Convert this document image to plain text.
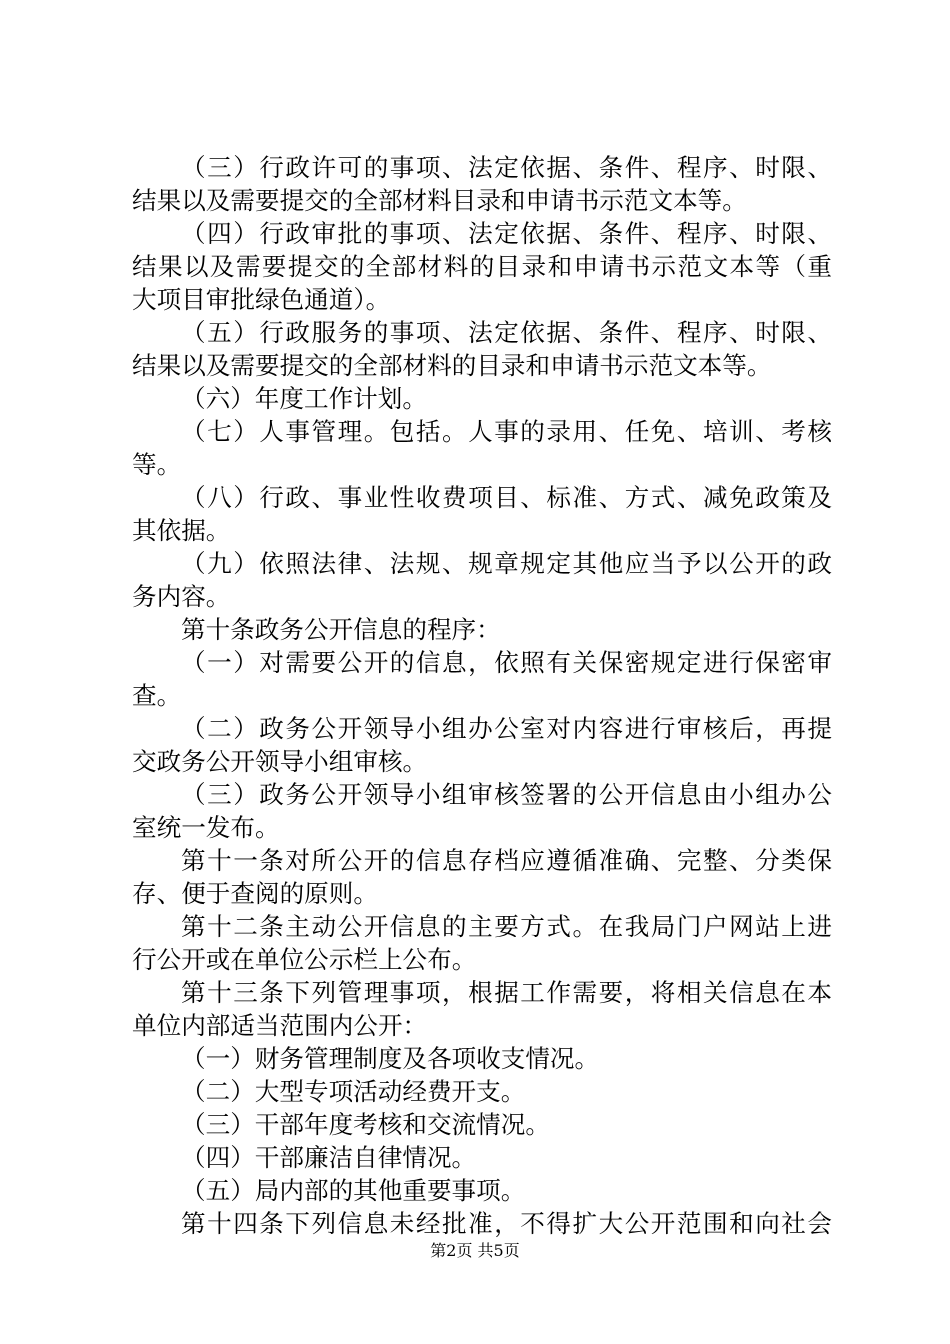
（三）行政许可的事项、法定依据、条件、程序、时限、
结果以及需要提交的全部材料目录和申请书示范文本等。
（四）行政审批的事项、法定依据、条件、程序、时限、
结果以及需要提交的全部材料的目录和申请书示范文本等（重
大项目审批绿色通道）。
（五）行政服务的事项、法定依据、条件、程序、时限、
结果以及需要提交的全部材料的目录和申请书示范文本等。
（六）年度工作计划。
（七）人事管理。包括。人事的录用、任免、培训、考核
等。
（八）行政、事业性收费项目、标准、方式、减免政策及
其依据。
（九）依照法律、法规、规章规定其他应当予以公开的政
务内容。
第十条政务公开信息的程序：
（一）对需要公开的信息，依照有关保密规定进行保密审
查。
（二）政务公开领导小组办公室对内容进行审核后，再提
交政务公开领导小组审核。
（三）政务公开领导小组审核签署的公开信息由小组办公
室统一发布。
第十一条对所公开的信息存档应遵循准确、完整、分类保
存、便于查阅的原则。
第十二条主动公开信息的主要方式。在我局门户网站上进
行公开或在单位公示栏上公布。
第十三条下列管理事项，根据工作需要，将相关信息在本
单位内部适当范围内公开：
（一）财务管理制度及各项收支情况。
（二）大型专项活动经费开支。
（三）干部年度考核和交流情况。
（四）干部廉洁自律情况。
（五）局内部的其他重要事项。
第十四条下列信息未经批准，不得扩大公开范围和向社会
第2页 共5页
